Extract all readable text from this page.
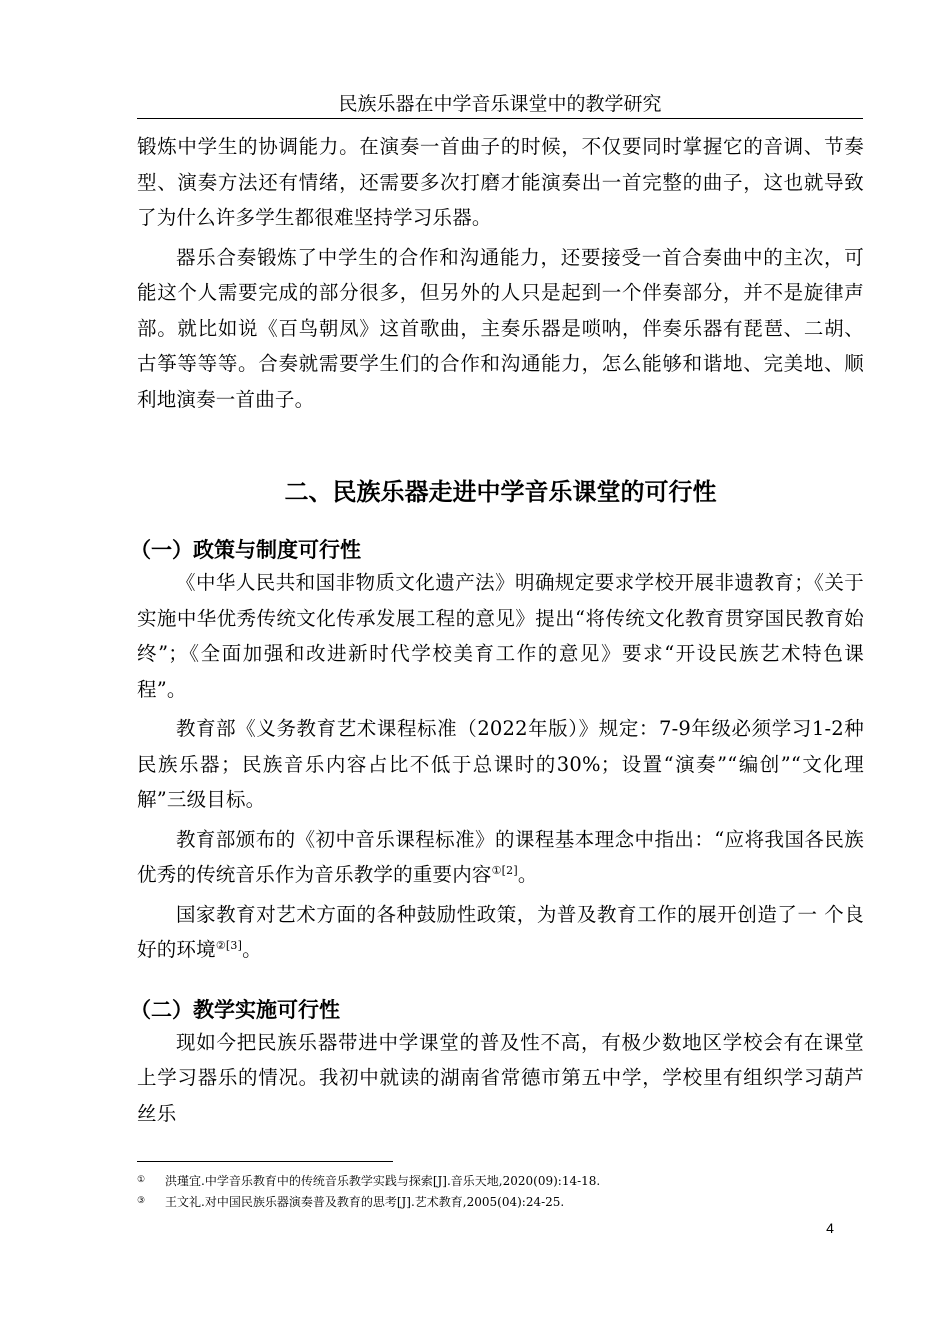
民族乐器在中学音乐课堂中的教学研究

锻炼中学生的协调能力。在演奏一首曲子的时候，不仅要同时掌握它的音调、节奏型、演奏方法还有情绪，还需要多次打磨才能演奏出一首完整的曲子，这也就导致了为什么许多学生都很难坚持学习乐器。

器乐合奏锻炼了中学生的合作和沟通能力，还要接受一首合奏曲中的主次，可能这个人需要完成的部分很多，但另外的人只是起到一个伴奏部分，并不是旋律声部。就比如说《百鸟朝凤》这首歌曲，主奏乐器是唢呐，伴奏乐器有琵琶、二胡、古筝等等等。合奏就需要学生们的合作和沟通能力，怎么能够和谐地、完美地、顺利地演奏一首曲子。

二、民族乐器走进中学音乐课堂的可行性
（一）政策与制度可行性

《中华人民共和国非物质文化遗产法》明确规定要求学校开展非遗教育；《关于实施中华优秀传统文化传承发展工程的意见》提出“将传统文化教育贯穿国民教育始终”；《全面加强和改进新时代学校美育工作的意见》要求“开设民族艺术特色课程”。

教育部《义务教育艺术课程标准（2022年版）》规定：7-9年级必须学习1-2种民族乐器；民族音乐内容占比不低于总课时的30%；设置“演奏”“编创”“文化理解”三级目标。

教育部颁布的《初中音乐课程标准》的课程基本理念中指出：“应将我国各民族优秀的传统音乐作为音乐教学的重要内容$^{①[2]}$。

国家教育对艺术方面的各种鼓励性政策，为普及教育工作的展开创造了一 个良好的环境$^{②[3]}$。

（二）教学实施可行性

现如今把民族乐器带进中学课堂的普及性不高，有极少数地区学校会有在课堂上学习器乐的情况。我初中就读的湖南省常德市第五中学，学校里有组织学习葫芦丝乐

① 洪瑾宜.中学音乐教育中的传统音乐教学实践与探索[J].音乐天地,2020(09):14-18.
③ 王文礼.对中国民族乐器演奏普及教育的思考[J].艺术教育,2005(04):24-25.
4
